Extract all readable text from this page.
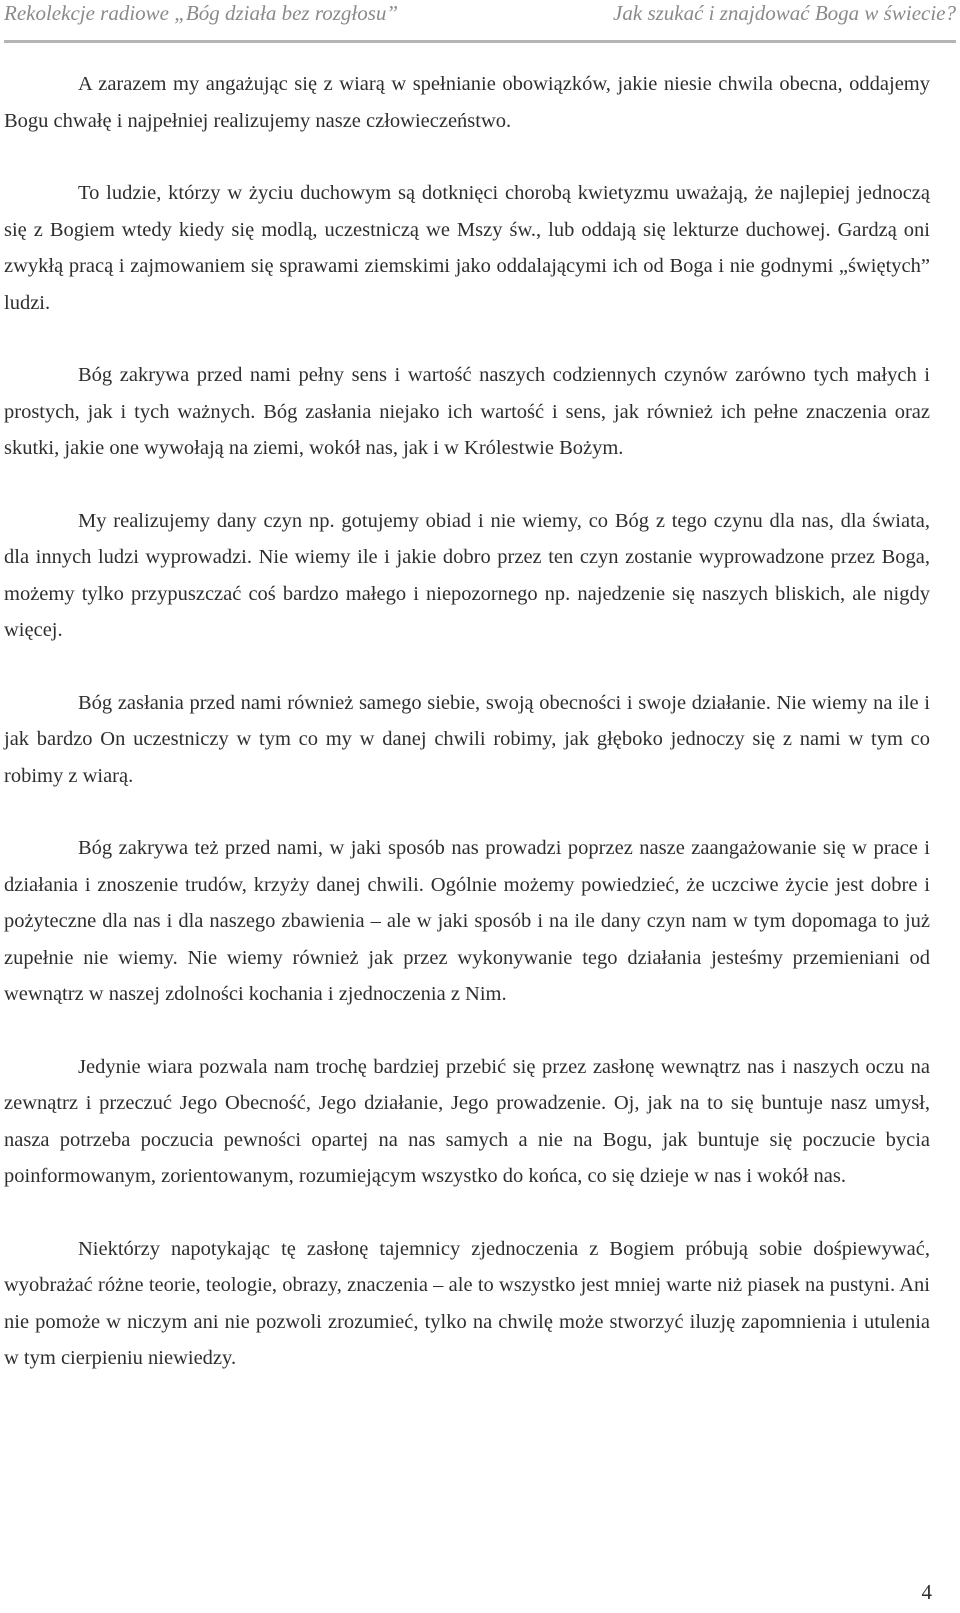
Rekolekcje radiowe „Bóg działa bez rozgłosu”	Jak szukać i znajdować Boga w świecie?

A zarazem my angażując się z wiarą w spełnianie obowiązków, jakie niesie chwila obecna, oddajemy Bogu chwałę i najpełniej realizujemy nasze człowieczeństwo.

To ludzie, którzy w życiu duchowym są dotknięci chorobą kwietyzmu uważają, że najlepiej jednoczą się z Bogiem wtedy kiedy się modlą, uczestniczą we Mszy św., lub oddają się lekturze duchowej. Gardzą oni zwykłą pracą i zajmowaniem się sprawami ziemskimi jako oddalającymi ich od Boga i nie godnymi „świętych” ludzi.

Bóg zakrywa przed nami pełny sens i wartość naszych codziennych czynów zarówno tych małych i prostych, jak i tych ważnych. Bóg zasłania niejako ich wartość i sens, jak również ich pełne znaczenia oraz skutki, jakie one wywołają na ziemi, wokół nas, jak i w Królestwie Bożym.

My realizujemy dany czyn np. gotujemy obiad i nie wiemy, co Bóg z tego czynu dla nas, dla świata, dla innych ludzi wyprowadzi. Nie wiemy ile i jakie dobro przez ten czyn zostanie wyprowadzone przez Boga, możemy tylko przypuszczać coś bardzo małego i niepozornego np. najedzenie się naszych bliskich, ale nigdy więcej.

Bóg zasłania przed nami również samego siebie, swoją obecności i swoje działanie. Nie wiemy na ile i jak bardzo On uczestniczy w tym co my w danej chwili robimy, jak głęboko jednoczy się z nami w tym co robimy z wiarą.

Bóg zakrywa też przed nami, w jaki sposób nas prowadzi poprzez nasze zaangażowanie się w prace i działania i znoszenie trudów, krzyży danej chwili. Ogólnie możemy powiedzieć, że uczciwe życie jest dobre i pożyteczne dla nas i dla naszego zbawienia – ale w jaki sposób i na ile dany czyn nam w tym dopomaga to już zupełnie nie wiemy. Nie wiemy również jak przez wykonywanie tego działania jesteśmy przemieniani od wewnątrz w naszej zdolności kochania i zjednoczenia z Nim.

Jedynie wiara pozwala nam trochę bardziej przebić się przez zasłonę wewnątrz nas i naszych oczu na zewnątrz i przeczuć Jego Obecność, Jego działanie, Jego prowadzenie. Oj, jak na to się buntuje nasz umysł, nasza potrzeba poczucia pewności opartej na nas samych a nie na Bogu, jak buntuje się poczucie bycia poinformowanym, zorientowanym, rozumiejącym wszystko do końca, co się dzieje w nas i wokół nas.

Niektórzy napotykając tę zasłonę tajemnicy zjednoczenia z Bogiem próbują sobie dośpiewywać, wyobrażać różne teorie, teologie, obrazy, znaczenia – ale to wszystko jest mniej warte niż piasek na pustyni. Ani nie pomoże w niczym ani nie pozwoli zrozumieć, tylko na chwilę może stworzyć iluzję zapomnienia i utulenia w tym cierpieniu niewiedzy.

4
